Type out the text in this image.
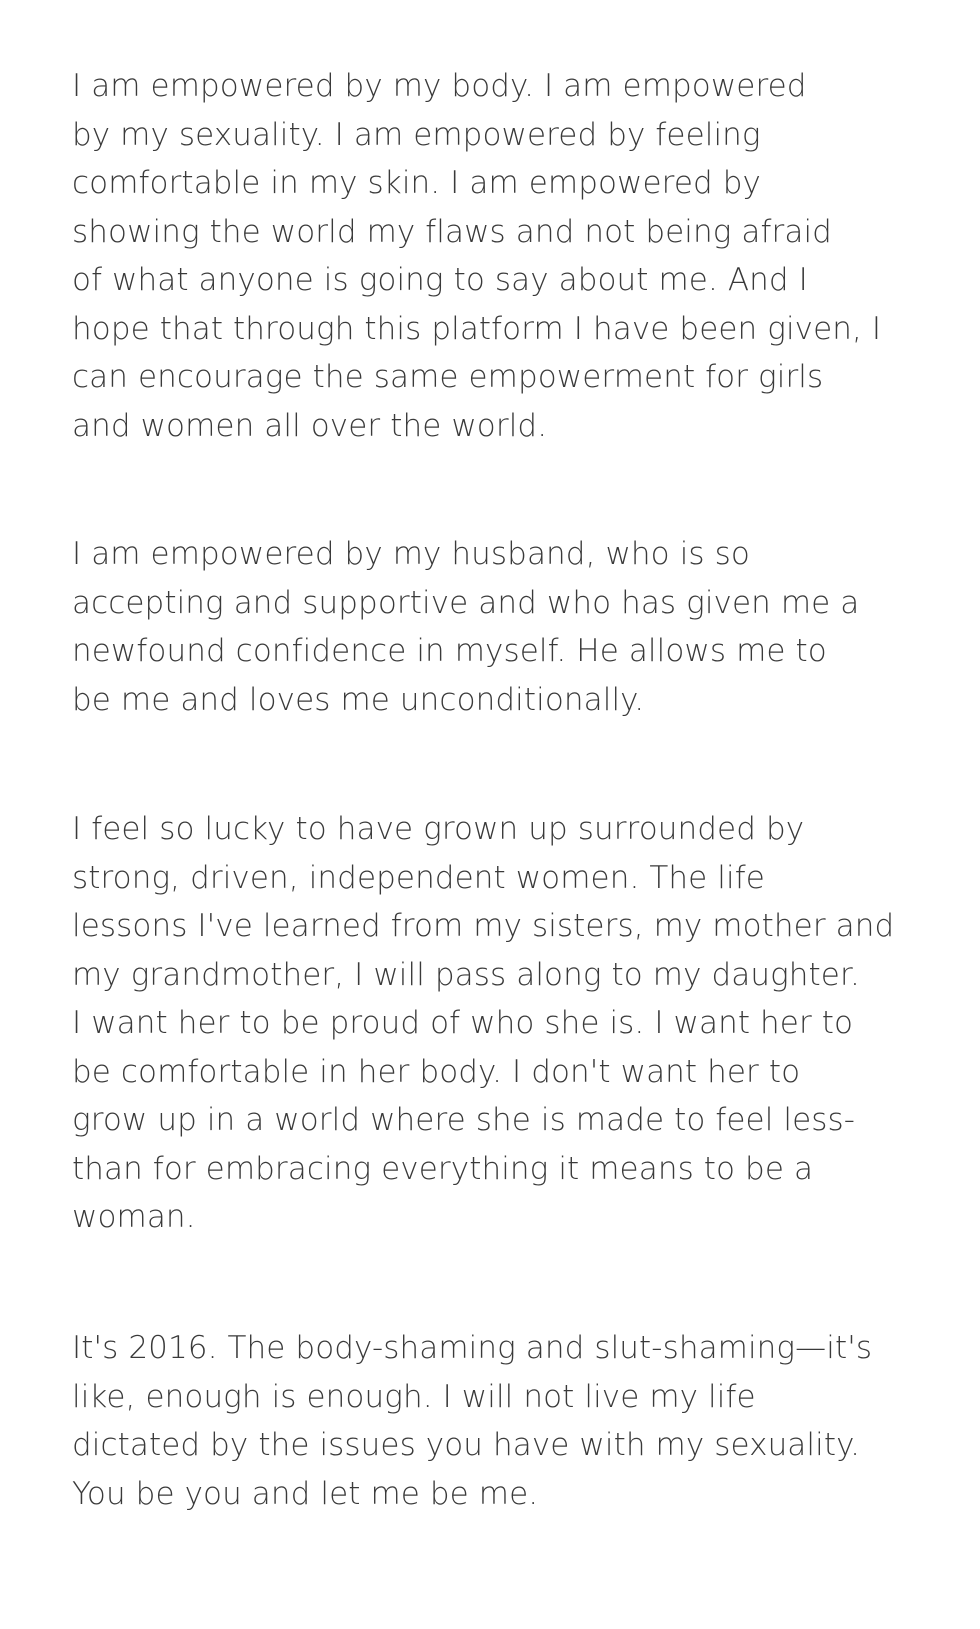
I am empowered by my body. I am empowered
by my sexuality. I am empowered by feeling
comfortable in my skin. I am empowered by
showing the world my flaws and not being afraid
of what anyone is going to say about me. And I
hope that through this platform I have been given, I
can encourage the same empowerment for girls
and women all over the world.

I am empowered by my husband, who is so
accepting and supportive and who has given me a
newfound confidence in myself. He allows me to
be me and loves me unconditionally.

I feel so lucky to have grown up surrounded by
strong, driven, independent women. The life
lessons I've learned from my sisters, my mother and
my grandmother, I will pass along to my daughter.
I want her to be proud of who she is. I want her to
be comfortable in her body. I don't want her to
grow up in a world where she is made to feel less-
than for embracing everything it means to be a
woman.

It's 2016. The body-shaming and slut-shaming—it's
like, enough is enough. I will not live my life
dictated by the issues you have with my sexuality.
You be you and let me be me.
